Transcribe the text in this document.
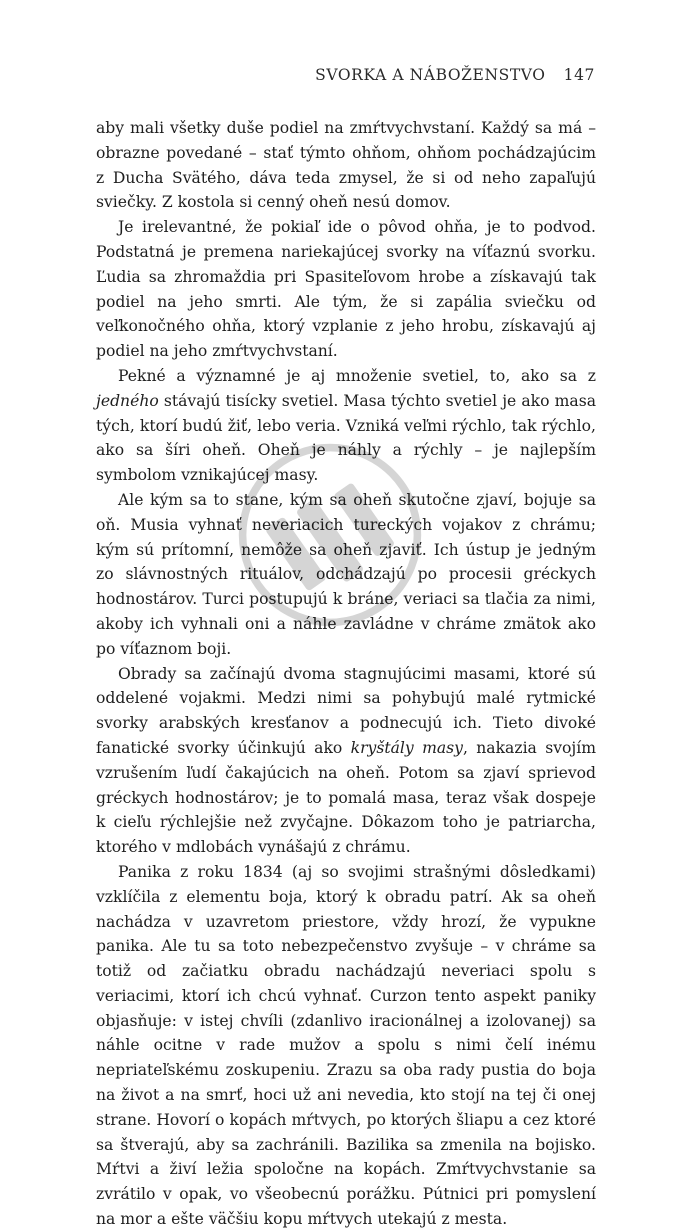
SVORKA A NÁBOŽENSTVO 147

aby mali všetky duše podiel na zmŕtvychvstaní. Každý sa má – obrazne povedané – stať týmto ohňom, ohňom pochádzajúcim z Ducha Svätého, dáva teda zmysel, že si od neho zapaľujú sviečky. Z kostola si cenný oheň nesú domov.

Je irelevantné, že pokiaľ ide o pôvod ohňa, je to podvod. Podstatná je premena nariekajúcej svorky na víťaznú svorku. Ľudia sa zhromaždia pri Spasiteľovom hrobe a získavajú tak podiel na jeho smrti. Ale tým, že si zapália sviečku od veľkonočného ohňa, ktorý vzplanie z jeho hrobu, získavajú aj podiel na jeho zmŕtvychvstaní.

Pekné a významné je aj množenie svetiel, to, ako sa z jedného stávajú tisícky svetiel. Masa týchto svetiel je ako masa tých, ktorí budú žiť, lebo veria. Vzniká veľmi rýchlo, tak rýchlo, ako sa šíri oheň. Oheň je náhly a rýchly – je najlepším symbolom vznikajúcej masy.

Ale kým sa to stane, kým sa oheň skutočne zjaví, bojuje sa oň. Musia vyhnať neveriacich tureckých vojakov z chrámu; kým sú prítomní, nemôže sa oheň zjaviť. Ich ústup je jedným zo slávnostných rituálov, odchádzajú po procesii gréckych hodnostárov. Turci postupujú k bráne, veriaci sa tlačia za nimi, akoby ich vyhnali oni a náhle zavládne v chráme zmätok ako po víťaznom boji.

Obrady sa začínajú dvoma stagnujúcimi masami, ktoré sú oddelené vojakmi. Medzi nimi sa pohybujú malé rytmické svorky arabských kresťanov a podnecujú ich. Tieto divoké fanatické svorky účinkujú ako kryštály masy, nakazia svojím vzrušením ľudí čakajúcich na oheň. Potom sa zjaví sprievod gréckych hodnostárov; je to pomalá masa, teraz však dospeje k cieľu rýchlejšie než zvyčajne. Dôkazom toho je patriarcha, ktorého v mdlobách vynášajú z chrámu.

Panika z roku 1834 (aj so svojimi strašnými dôsledkami) vzklíčila z elementu boja, ktorý k obradu patrí. Ak sa oheň nachádza v uzavretom priestore, vždy hrozí, že vypukne panika. Ale tu sa toto nebezpečenstvo zvyšuje – v chráme sa totiž od začiatku obradu nachádzajú neveriaci spolu s veriacimi, ktorí ich chcú vyhnať. Curzon tento aspekt paniky objasňuje: v istej chvíli (zdanlivo iracionálnej a izolovanej) sa náhle ocitne v rade mužov a spolu s nimi čelí inému nepriateľskému zoskupeniu. Zrazu sa oba rady pustia do boja na život a na smrť, hoci už ani nevedia, kto stojí na tej či onej strane. Hovorí o kopách mŕtvych, po ktorých šliapu a cez ktoré sa štverajú, aby sa zachránili. Bazilika sa zmenila na bojisko. Mŕtvi a živí ležia spoločne na kopách. Zmŕtvychvstanie sa zvrátilo v opak, vo všeobecnú porážku. Pútnici pri pomyslení na mor a ešte väčšiu kopu mŕtvych utekajú z mesta.
